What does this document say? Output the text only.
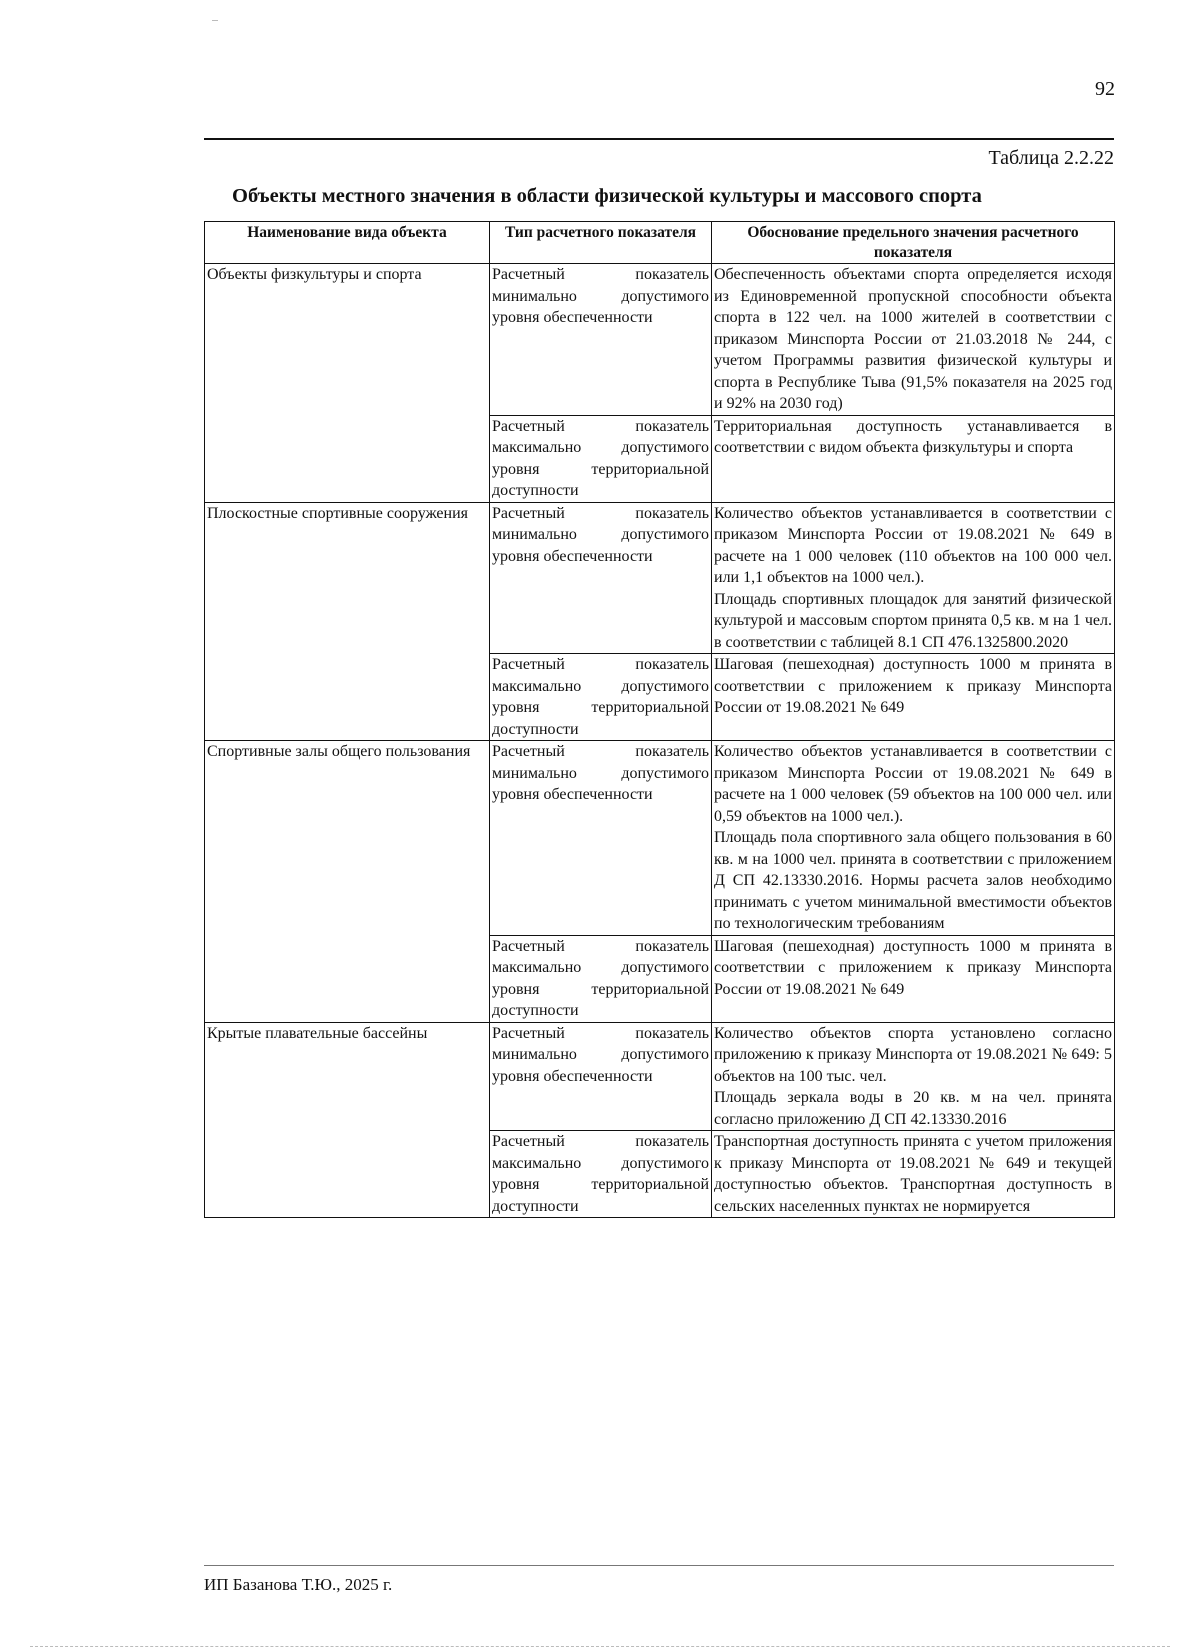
92
Таблица 2.2.22
Объекты местного значения в области физической культуры и массового спорта
Наименование вида объекта	Тип расчетного показателя	Обоснование предельного значения расчетного показателя
Объекты физкультуры и спорта	Расчетный показатель минимально допустимого уровня обеспеченности	Обеспеченность объектами спорта определяется исходя из Единовременной пропускной способности объекта спорта в 122 чел. на 1000 жителей в соответствии с приказом Минспорта России от 21.03.2018 № 244, с учетом Программы развития физической культуры и спорта в Республике Тыва (91,5% показателя на 2025 год и 92% на 2030 год)

	Расчетный показатель максимально допустимого уровня территориальной доступности	Территориальная доступность устанавливается в соответствии с видом объекта физкультуры и спорта

Плоскостные спортивные сооружения	Расчетный показатель минимально допустимого уровня обеспеченности	Количество объектов устанавливается в соответствии с приказом Минспорта России от 19.08.2021 № 649 в расчете на 1 000 человек (110 объектов на 100 000 чел. или 1,1 объектов на 1000 чел.).

Площадь спортивных площадок для занятий физической культурой и массовым спортом принята 0,5 кв. м на 1 чел. в соответствии с таблицей 8.1 СП 476.1325800.2020

	Расчетный показатель максимально допустимого уровня территориальной доступности	Шаговая (пешеходная) доступность 1000 м принята в соответствии с приложением к приказу Минспорта России от 19.08.2021 № 649

Спортивные залы общего пользования	Расчетный показатель минимально допустимого уровня обеспеченности	Количество объектов устанавливается в соответствии с приказом Минспорта России от 19.08.2021 № 649 в расчете на 1 000 человек (59 объектов на 100 000 чел. или 0,59 объектов на 1000 чел.).

Площадь пола спортивного зала общего пользования в 60 кв. м на 1000 чел. принята в соответствии с приложением Д СП 42.13330.2016. Нормы расчета залов необходимо принимать с учетом минимальной вместимости объектов по технологическим требованиям

	Расчетный показатель максимально допустимого уровня территориальной доступности	Шаговая (пешеходная) доступность 1000 м принята в соответствии с приложением к приказу Минспорта России от 19.08.2021 № 649

Крытые плавательные бассейны	Расчетный показатель минимально допустимого уровня обеспеченности	Количество объектов спорта установлено согласно приложению к приказу Минспорта от 19.08.2021 № 649: 5 объектов на 100 тыс. чел.

Площадь зеркала воды в 20 кв. м на чел. принята согласно приложению Д СП 42.13330.2016

	Расчетный показатель максимально допустимого уровня территориальной доступности	Транспортная доступность принята с учетом приложения к приказу Минспорта от 19.08.2021 № 649 и текущей доступностью объектов. Транспортная доступность в сельских населенных пунктах не нормируется

ИП Базанова Т.Ю., 2025 г.
